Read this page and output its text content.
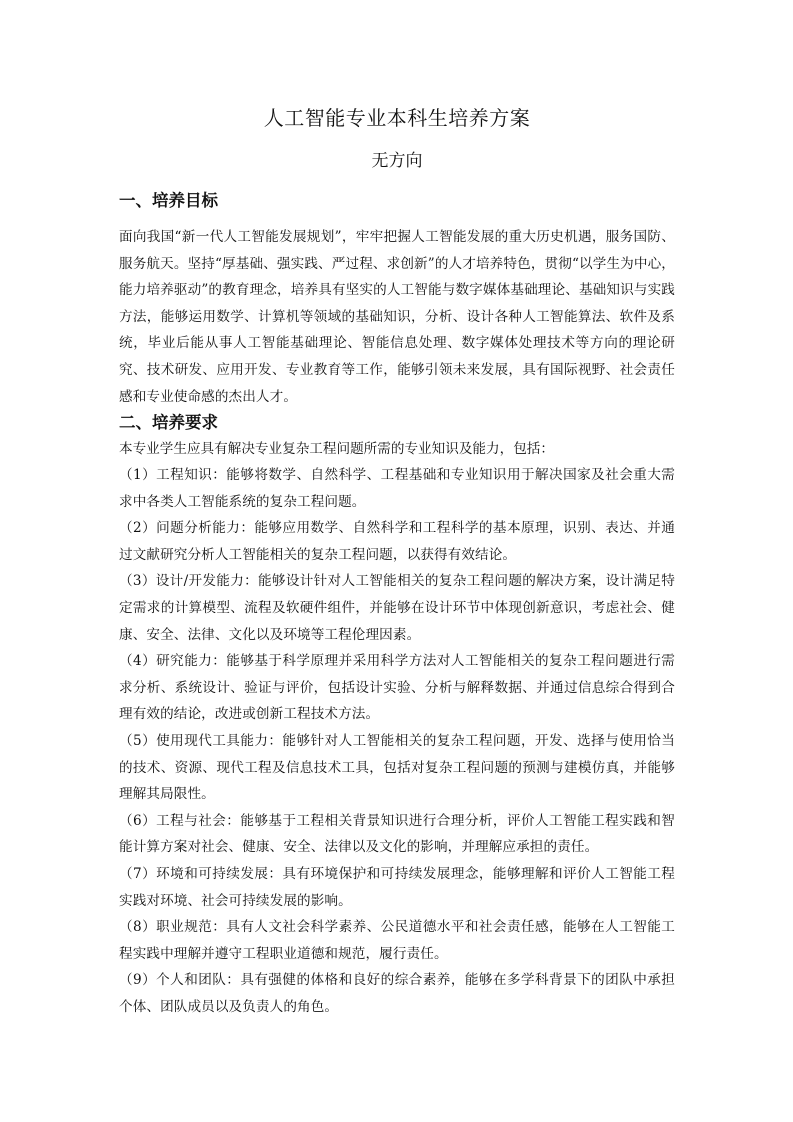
人工智能专业本科生培养方案
无方向
一、培养目标

面向我国“新一代人工智能发展规划”，牢牢把握人工智能发展的重大历史机遇，服务国防、服务航天。坚持“厚基础、强实践、严过程、求创新”的人才培养特色，贯彻“以学生为中心，能力培养驱动”的教育理念，培养具有坚实的人工智能与数字媒体基础理论、基础知识与实践方法，能够运用数学、计算机等领域的基础知识，分析、设计各种人工智能算法、软件及系统，毕业后能从事人工智能基础理论、智能信息处理、数字媒体处理技术等方向的理论研究、技术研发、应用开发、专业教育等工作，能够引领未来发展，具有国际视野、社会责任感和专业使命感的杰出人才。

二、培养要求

本专业学生应具有解决专业复杂工程问题所需的专业知识及能力，包括：

（1）工程知识：能够将数学、自然科学、工程基础和专业知识用于解决国家及社会重大需求中各类人工智能系统的复杂工程问题。

（2）问题分析能力：能够应用数学、自然科学和工程科学的基本原理，识别、表达、并通过文献研究分析人工智能相关的复杂工程问题，以获得有效结论。

（3）设计/开发能力：能够设计针对人工智能相关的复杂工程问题的解决方案，设计满足特定需求的计算模型、流程及软硬件组件，并能够在设计环节中体现创新意识，考虑社会、健康、安全、法律、文化以及环境等工程伦理因素。

（4）研究能力：能够基于科学原理并采用科学方法对人工智能相关的复杂工程问题进行需求分析、系统设计、验证与评价，包括设计实验、分析与解释数据、并通过信息综合得到合理有效的结论，改进或创新工程技术方法。

（5）使用现代工具能力：能够针对人工智能相关的复杂工程问题，开发、选择与使用恰当的技术、资源、现代工程及信息技术工具，包括对复杂工程问题的预测与建模仿真，并能够理解其局限性。

（6）工程与社会：能够基于工程相关背景知识进行合理分析，评价人工智能工程实践和智能计算方案对社会、健康、安全、法律以及文化的影响，并理解应承担的责任。

（7）环境和可持续发展：具有环境保护和可持续发展理念，能够理解和评价人工智能工程实践对环境、社会可持续发展的影响。

（8）职业规范：具有人文社会科学素养、公民道德水平和社会责任感，能够在人工智能工程实践中理解并遵守工程职业道德和规范，履行责任。

（9）个人和团队：具有强健的体格和良好的综合素养，能够在多学科背景下的团队中承担个体、团队成员以及负责人的角色。
